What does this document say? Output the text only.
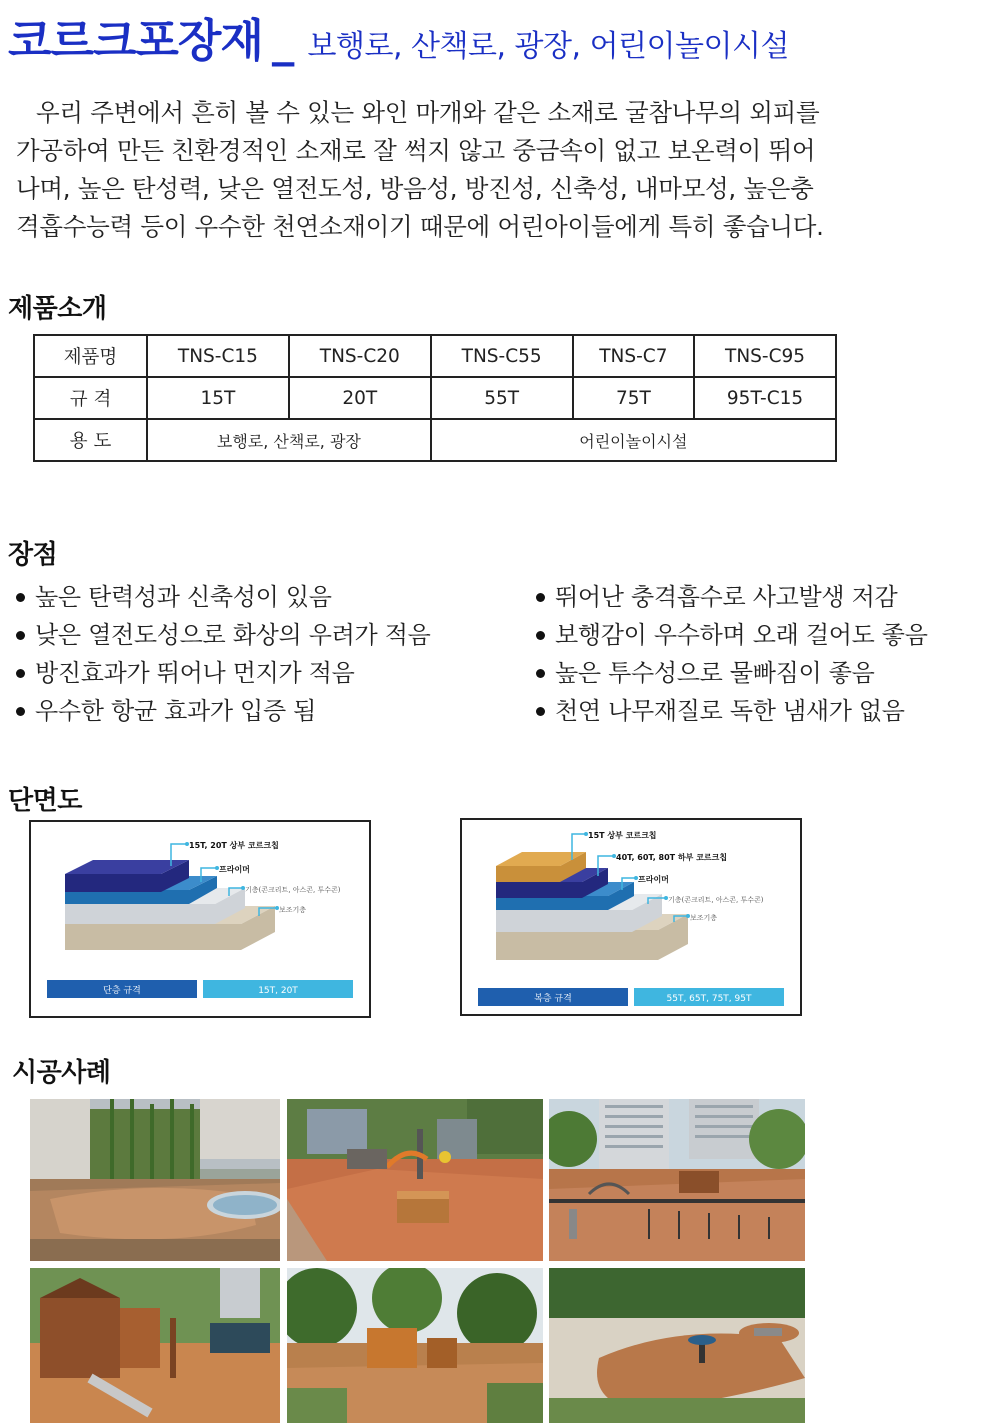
코르크포장재 _ 보행로, 산책로, 광장, 어린이놀이시설
우리 주변에서 흔히 볼 수 있는 와인 마개와 같은 소재로 굴참나무의 외피를
가공하여 만든 친환경적인 소재로 잘 썩지 않고 중금속이 없고 보온력이 뛰어
나며, 높은 탄성력, 낮은 열전도성, 방음성, 방진성, 신축성, 내마모성, 높은충
격흡수능력 등이 우수한 천연소재이기 때문에 어린아이들에게 특히 좋습니다.
제품소개
제품명	TNS-C15	TNS-C20	TNS-C55	TNS-C7	TNS-C95
규 격	15T	20T	55T	75T	95T-C15
용 도	보행로, 산책로, 광장		어린이놀이시설		
장점
높은 탄력성과 신축성이 있음
낮은 열전도성으로 화상의 우려가 적음
방진효과가 뛰어나 먼지가 적음
우수한 항균 효과가 입증 됨
뛰어난 충격흡수로 사고발생 저감
보행감이 우수하며 오래 걸어도 좋음
높은 투수성으로 물빠짐이 좋음
천연 나무재질로 독한 냄새가 없음
단면도
15T, 20T 상부 코르크칩
프라이머
기층(콘크리트, 아스콘, 투수콘)
보조기층
단층 규격	15T, 20T
15T 상부 코르크칩
40T, 60T, 80T 하부 코르크칩
프라이머
기층(콘크리트, 아스콘, 투수콘)
보조기층
복층 규격	55T, 65T, 75T, 95T
시공사례
